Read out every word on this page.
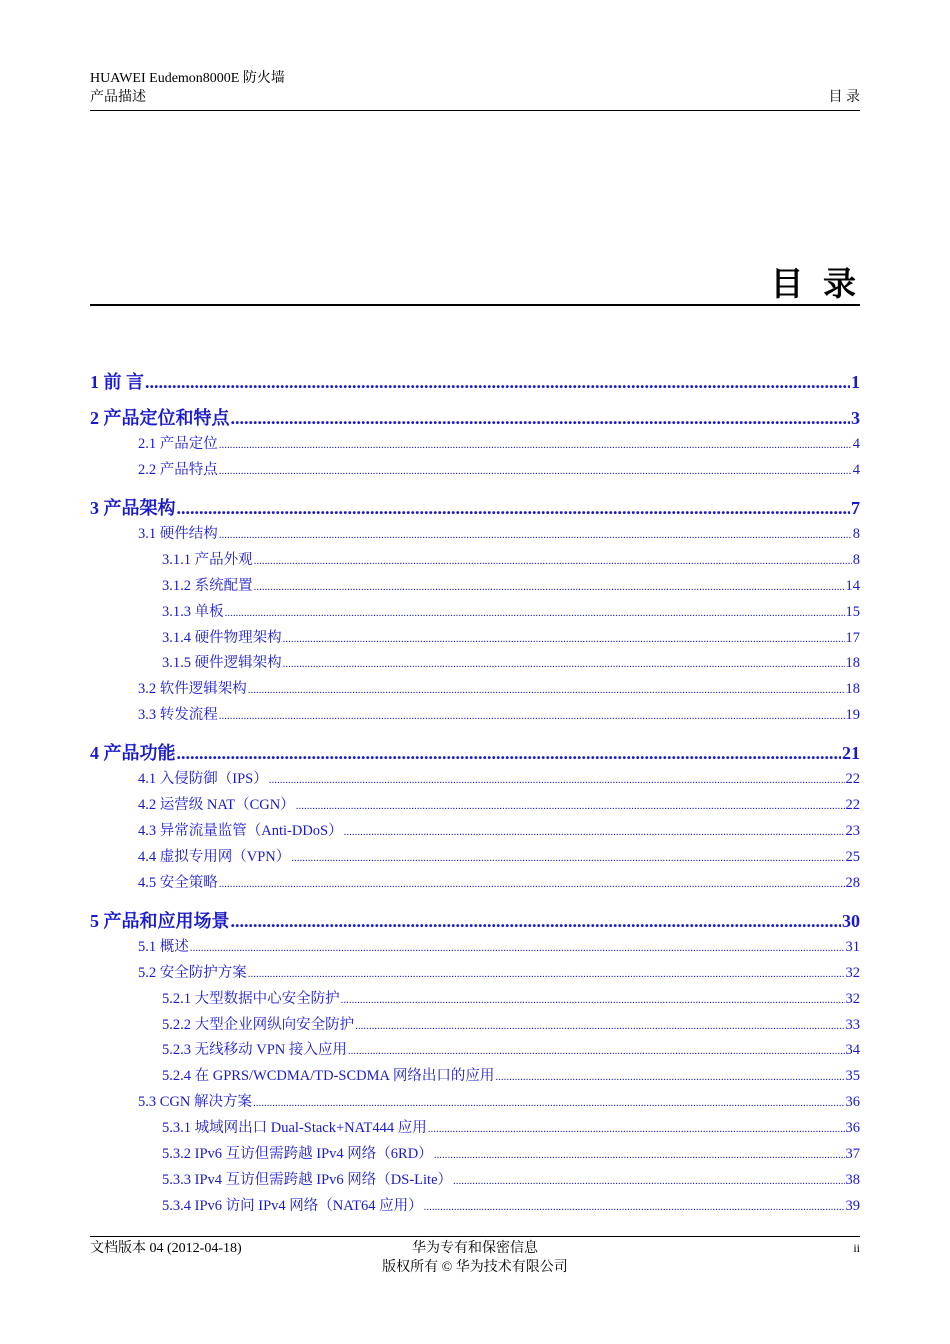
HUAWEI Eudemon8000E 防火墙
产品描述	目 录
目 录
1 前 言 .....	1
2 产品定位和特点 .....	3
2.1 产品定位 .....	4
2.2 产品特点 .....	4
3 产品架构 .....	7
3.1 硬件结构 .....	8
3.1.1 产品外观 .....	8
3.1.2 系统配置 .....	14
3.1.3 单板 .....	15
3.1.4 硬件物理架构 .....	17
3.1.5 硬件逻辑架构 .....	18
3.2 软件逻辑架构 .....	18
3.3 转发流程 .....	19
4 产品功能 .....	21
4.1 入侵防御（IPS） .....	22
4.2 运营级 NAT（CGN） .....	22
4.3 异常流量监管（Anti-DDoS） .....	23
4.4 虚拟专用网（VPN） .....	25
4.5 安全策略 .....	28
5 产品和应用场景 .....	30
5.1 概述 .....	31
5.2 安全防护方案 .....	32
5.2.1 大型数据中心安全防护 .....	32
5.2.2 大型企业网纵向安全防护 .....	33
5.2.3 无线移动 VPN 接入应用 .....	34
5.2.4 在 GPRS/WCDMA/TD-SCDMA 网络出口的应用 .....	35
5.3 CGN 解决方案 .....	36
5.3.1 城域网出口 Dual-Stack+NAT444 应用 .....	36
5.3.2 IPv6 互访但需跨越 IPv4 网络（6RD） .....	37
5.3.3 IPv4 互访但需跨越 IPv6 网络（DS-Lite） .....	38
5.3.4 IPv6 访问 IPv4 网络（NAT64 应用） .....	39
文档版本 04 (2012-04-18)	华为专有和保密信息
版权所有 © 华为技术有限公司
ii
